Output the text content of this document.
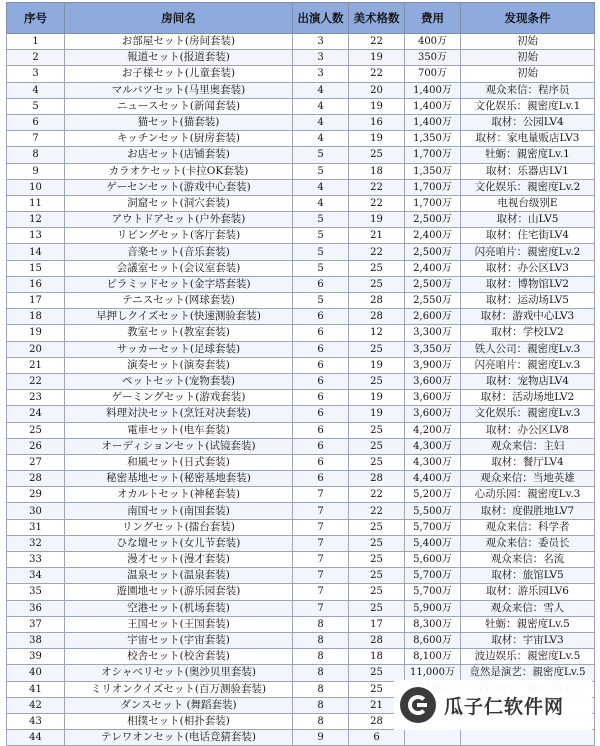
序号	房间名	出演人数	美术格数	费用	发现条件
1	お部屋セット(房间套装)	3	22	400万	初始
2	報道セット(报道套装)	3	19	350万	初始
3	お子様セット(儿童套装)	3	22	700万	初始
4	マルバツセット(马里奥套装)	4	20	1,400万	观众来信：程序员
5	ニュースセット(新闻套装)	4	19	1,400万	文化娱乐：親密度Lv.1
6	猫セット(猫套装)	4	16	1,400万	取材：公园LV4
7	キッチンセット(厨房套装)	4	19	1,350万	取材：家电量贩店LV3
8	お店セット(店铺套装)	5	25	1,700万	牡蛎：親密度Lv.1
9	カラオケセット(卡拉OK套装)	5	18	1,350万	取材：乐器店LV1
10	ゲーセンセット(游戏中心套装)	4	22	1,700万	文化娱乐：親密度Lv.2
11	洞窟セット(洞穴套装)	4	22	1,700万	电视台级别E
12	アウトドアセット(户外套装)	5	19	2,500万	取材：山LV5
13	リビングセット(客厅套装)	5	21	2,400万	取材：住宅街LV4
14	音楽セット(音乐套装)	5	22	2,500万	闪亮咱片：親密度Lv.2
15	会議室セット(会议室套装)	5	25	2,400万	取材：办公区LV3
16	ピラミッドセット(金字塔套装)	6	25	2,500万	取材：博物馆LV2
17	テニスセット(网球套装)	5	28	2,550万	取材：运动场LV5
18	早押しクイズセット(快速测验套装)	6	28	2,600万	取材：游戏中心LV3
19	教室セット(教室套装)	6	12	3,300万	取材：学校LV2
20	サッカーセット(足球套装)	6	25	3,350万	铁人公司：親密度Lv.3
21	演奏セット(演奏套装)	6	19	3,900万	闪亮咱片：親密度Lv.3
22	ペットセット(宠物套装)	6	25	3,600万	取材：宠物店LV4
23	ゲーミングセット(游戏套装)	6	19	3,600万	取材：活动场地LV2
24	料理対決セット(烹饪对决套装)	6	19	3,600万	文化娱乐：親密度Lv.3
25	電車セット(电车套装)	6	25	4,200万	取材：办公区LV8
26	オーディションセット(试镜套装)	6	25	4,300万	观众来信：主妇
27	和風セット(日式套装)	6	25	4,300万	取材：餐厅LV4
28	秘密基地セット(秘密基地套装)	6	28	4,400万	观众来信：当地英雄
29	オカルトセット(神秘套装)	7	22	5,200万	心动乐园：親密度Lv.3
30	南国セット(南国套装)	7	22	5,500万	取材：度假胜地LV7
31	リングセット(擂台套装)	7	25	5,700万	观众来信：科学者
32	ひな壇セット(女儿节套装)	7	25	5,400万	观众来信：委员长
33	漫才セット(漫才套装)	7	25	5,600万	观众来信：名流
34	温泉セット(温泉套装)	7	25	5,700万	取材：旅馆LV5
35	遊園地セット(游乐园套装)	7	25	5,700万	取材：游乐园LV6
36	空港セット(机场套装)	7	25	5,900万	观众来信：雪人
37	王国セット(王国套装)	8	17	8,300万	牡蛎：親密度Lv.5
38	宇宙セット(宇宙套装)	8	28	8,600万	取材：宇宙LV3
39	校舎セット(校舍套装)	8	18	8,100万	波边娱乐：親密度Lv.5
40	オシャベリセット(奥沙贝里套装)	8	25	11,000万	竟然是演艺：親密度Lv.5
41	ミリオンクイズセット(百万测验套装)	8	25		
42	ダンスセット (舞蹈套装)	8	21		
43	相撲セット(相扑套装)	8	28		
44	テレワオンセット(电话竞猜套装)	9	6		
瓜子仁软件网
